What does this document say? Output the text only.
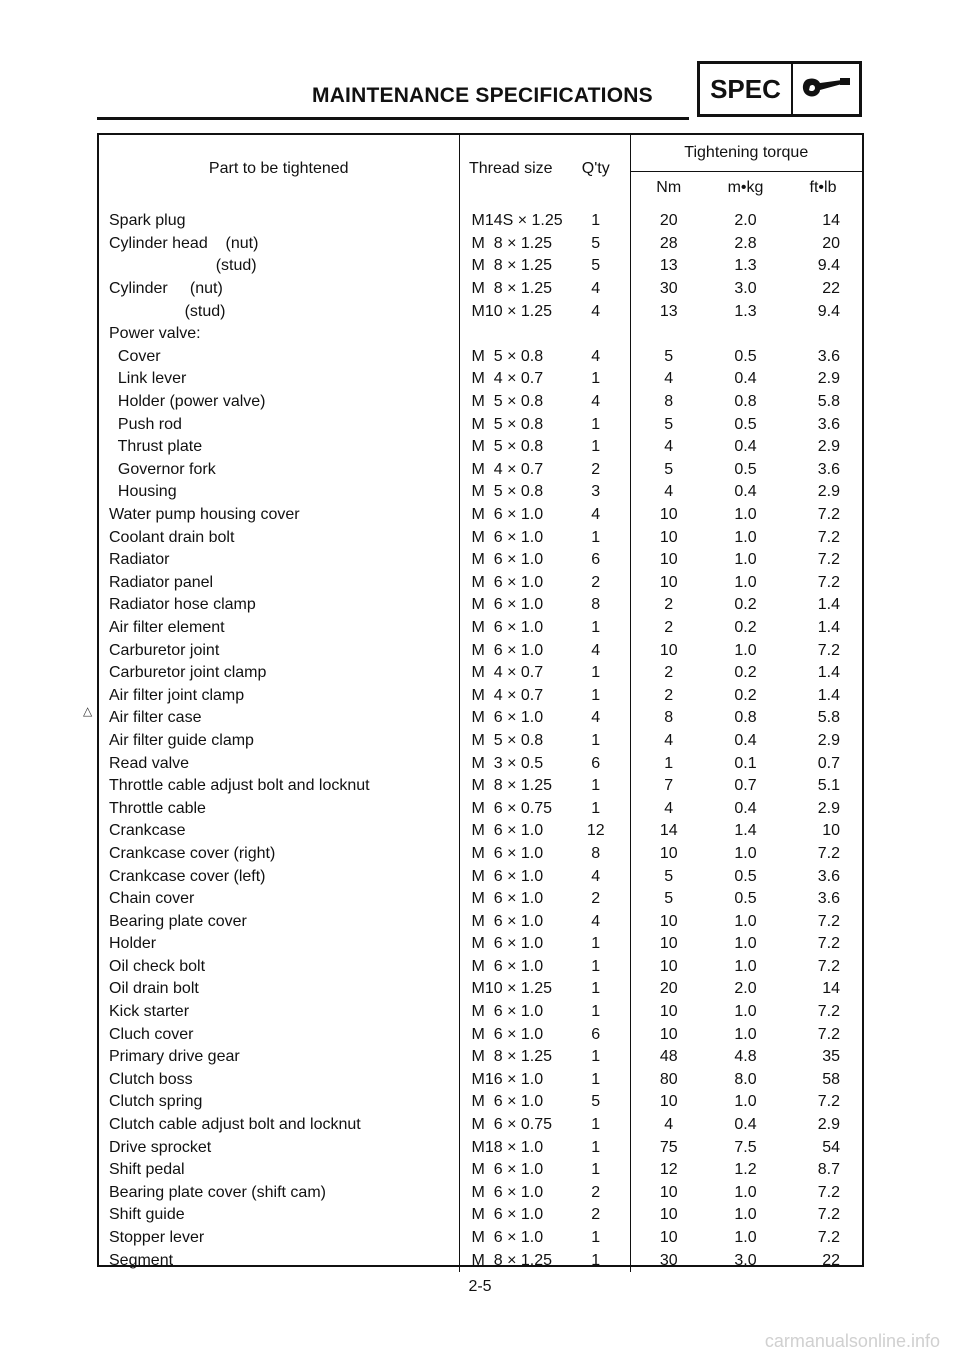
MAINTENANCE SPECIFICATIONS	SPEC
Part to be tightened	Thread size	Q'ty	Tightening torque		
			Nm	m•kg	ft•lb
Spark plug	M14S × 1.25	1	20	2.0	14
Cylinder head    (nut)	M  8 × 1.25	5	28	2.8	20
(stud)	M  8 × 1.25	5	13	1.3	9.4
Cylinder     (nut)	M  8 × 1.25	4	30	3.0	22
(stud)	M10 × 1.25	4	13	1.3	9.4
Power valve:					
Cover	M  5 × 0.8	4	5	0.5	3.6
Link lever	M  4 × 0.7	1	4	0.4	2.9
Holder (power valve)	M  5 × 0.8	4	8	0.8	5.8
Push rod	M  5 × 0.8	1	5	0.5	3.6
Thrust plate	M  5 × 0.8	1	4	0.4	2.9
Governor fork	M  4 × 0.7	2	5	0.5	3.6
Housing	M  5 × 0.8	3	4	0.4	2.9
Water pump housing cover	M  6 × 1.0	4	10	1.0	7.2
Coolant drain bolt	M  6 × 1.0	1	10	1.0	7.2
Radiator	M  6 × 1.0	6	10	1.0	7.2
Radiator panel	M  6 × 1.0	2	10	1.0	7.2
Radiator hose clamp	M  6 × 1.0	8	2	0.2	1.4
Air filter element	M  6 × 1.0	1	2	0.2	1.4
Carburetor joint	M  6 × 1.0	4	10	1.0	7.2
Carburetor joint clamp	M  4 × 0.7	1	2	0.2	1.4
Air filter joint clamp	M  4 × 0.7	1	2	0.2	1.4
Air filter case	M  6 × 1.0	4	8	0.8	5.8
Air filter guide clamp	M  5 × 0.8	1	4	0.4	2.9
Read valve	M  3 × 0.5	6	1	0.1	0.7
Throttle cable adjust bolt and locknut	M  8 × 1.25	1	7	0.7	5.1
Throttle cable	M  6 × 0.75	1	4	0.4	2.9
Crankcase	M  6 × 1.0	12	14	1.4	10
Crankcase cover (right)	M  6 × 1.0	8	10	1.0	7.2
Crankcase cover (left)	M  6 × 1.0	4	5	0.5	3.6
Chain cover	M  6 × 1.0	2	5	0.5	3.6
Bearing plate cover	M  6 × 1.0	4	10	1.0	7.2
Holder	M  6 × 1.0	1	10	1.0	7.2
Oil check bolt	M  6 × 1.0	1	10	1.0	7.2
Oil drain bolt	M10 × 1.25	1	20	2.0	14
Kick starter	M  6 × 1.0	1	10	1.0	7.2
Cluch cover	M  6 × 1.0	6	10	1.0	7.2
Primary drive gear	M  8 × 1.25	1	48	4.8	35
Clutch boss	M16 × 1.0	1	80	8.0	58
Clutch spring	M  6 × 1.0	5	10	1.0	7.2
Clutch cable adjust bolt and locknut	M  6 × 0.75	1	4	0.4	2.9
Drive sprocket	M18 × 1.0	1	75	7.5	54
Shift pedal	M  6 × 1.0	1	12	1.2	8.7
Bearing plate cover (shift cam)	M  6 × 1.0	2	10	1.0	7.2
Shift guide	M  6 × 1.0	2	10	1.0	7.2
Stopper lever	M  6 × 1.0	1	10	1.0	7.2
Segment	M  8 × 1.25	1	30	3.0	22
△
2-5
carmanualsonline.info
